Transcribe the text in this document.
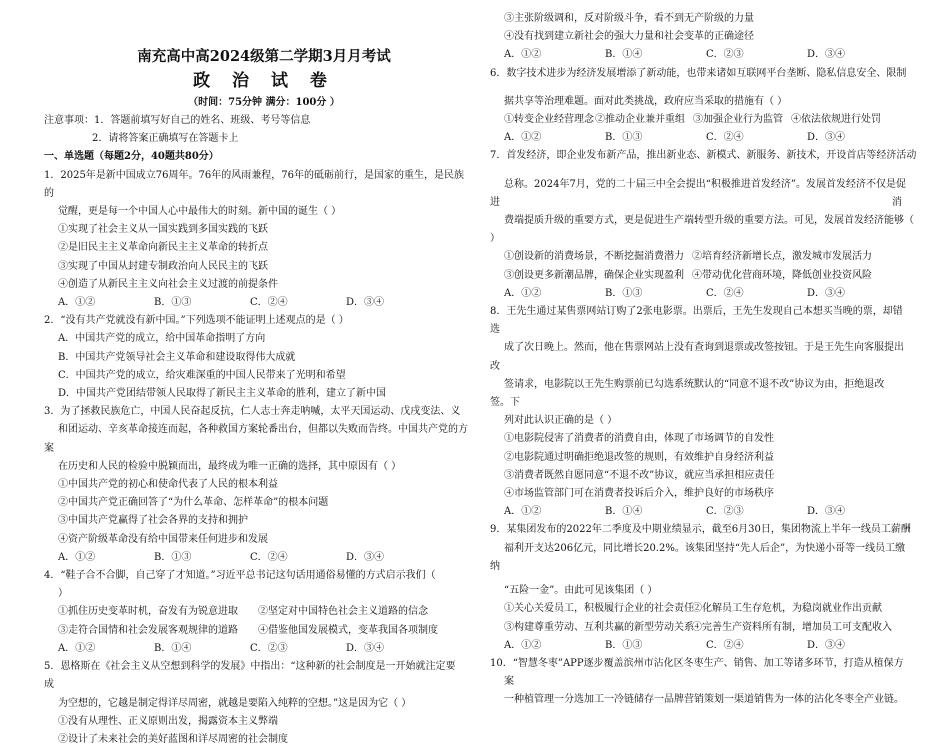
南充高中高2024级第二学期3月月考试
政 治 试 卷
（时间：75分钟 满分：100分 ）
注意事项：1．答题前填写好自己的姓名、班级、考号等信息
2．请将答案正确填写在答题卡上
一、单选题（每题2分，40题共80分）
1．2025年是新中国成立76周年。76年的风雨兼程，76年的砥砺前行，是国家的重生，是民族
的
觉醒，更是每一个中国人心中最伟大的时刻。新中国的诞生（ ）
①实现了社会主义从一国实践到多国实践的飞跃
②是旧民主主义革命向新民主主义革命的转折点
③实现了中国从封建专制政治向人民民主的飞跃
④创造了从新民主主义向社会主义过渡的前提条件
A．①②	B．①③	C．②④	D．③④
2．“没有共产党就没有新中国。”下列选项不能证明上述观点的是（ ）
A．中国共产党的成立，给中国革命指明了方向
B．中国共产党领导社会主义革命和建设取得伟大成就
C．中国共产党的成立，给灾难深重的中国人民带来了光明和希望
D．中国共产党团结带领人民取得了新民主主义革命的胜利，建立了新中国
3．为了拯救民族危亡，中国人民奋起反抗，仁人志士奔走呐喊，太平天国运动、戊戌变法、义
和团运动、辛亥革命接连而起，各种救国方案轮番出台，但都以失败而告终。中国共产党的方
案
在历史和人民的检验中脱颖而出，最终成为唯一正确的选择，其中原因有（ ）
①中国共产党的初心和使命代表了人民的根本利益
②中国共产党正确回答了“为什么革命、怎样革命”的根本问题
③中国共产党赢得了社会各界的支持和拥护
④资产阶级革命没有给中国带来任何进步和发展
A．①②	B．①③	C．②④	D．③④
4．“鞋子合不合脚，自己穿了才知道。”习近平总书记这句话用通俗易懂的方式启示我们（
）
①抓住历史变革时机，奋发有为锐意进取	②坚定对中国特色社会主义道路的信念
③走符合国情和社会发展客观规律的道路	④借鉴他国发展模式，变革我国各项制度
A．①②	B．①④	C．②③	D．③④
5．恩格斯在《社会主义从空想到科学的发展》中指出：“这种新的社会制度是一开始就注定要
成
为空想的，它越是制定得详尽周密，就越是要陷入纯粹的空想。”这是因为它（ ）
①没有从理性、正义原则出发，揭露资本主义弊端
②设计了未来社会的美好蓝图和详尽周密的社会制度
③主张阶级调和，反对阶级斗争，看不到无产阶级的力量
④没有找到建立新社会的强大力量和社会变革的正确途径
A．①②	B．①④	C．②③	D．③④
6．数字技术进步为经济发展增添了新动能，也带来诸如互联网平台垄断、隐私信息安全、限制
据共享等治理难题。面对此类挑战，政府应当采取的措施有（ ）
①转变企业经营理念 ②推动企业兼并重组 ③加强企业行为监管 ④依法依规进行处罚
A．①②	B．①③	C．②④	D．③④
7．首发经济，即企业发布新产品，推出新业态、新模式、新服务、新技术，开设首店等经济活动
总称。2024年7月，党的二十届三中全会提出“积极推进首发经济”。发展首发经济不仅是促
进	消
费端提质升级的重要方式，更是促进生产端转型升级的重要方法。可见，发展首发经济能够（
）
①创设新的消费场景，不断挖掘消费潜力 ②培育经济新增长点，激发城市发展活力
③创设更多新潮品牌，确保企业实现盈利 ④带动优化营商环境，降低创业投资风险
A．①②	B．①③	C．②④	D．③④
8．王先生通过某售票网站订购了2张电影票。出票后，王先生发现自己本想买当晚的票，却错
选
成了次日晚上。然而，他在售票网站上没有查询到退票或改签按钮。于是王先生向客服提出
改
签请求，电影院以王先生购票前已勾选系统默认的“同意不退不改”协议为由，拒绝退改
签。下
列对此认识正确的是（ ）
①电影院侵害了消费者的消费自由，体现了市场调节的自发性
②电影院通过明确拒绝退改签的规则，有效维护自身经济利益
③消费者既然自愿同意“不退不改”协议，就应当承担相应责任
④市场监管部门可在消费者投诉后介入，维护良好的市场秩序
A．①②	B．①④	C．②③	D．③④
9．某集团发布的2022年二季度及中期业绩显示，截至6月30日，集团物流上半年一线员工薪酬
福利开支达206亿元，同比增长20.2%。该集团坚持“先人后企”，为快递小哥等一线员工缴
纳
“五险一金”。由此可见该集团（ ）
①关心关爱员工，积极履行企业的社会责任
②化解员工生存危机，为稳岗就业作出贡献
③构建尊重劳动、互利共赢的新型劳动关系
④完善生产资料所有制，增加员工可支配收入
A．①②	B．①③	C．②④	D．③④
10．“智慧冬枣”APP逐步覆盖滨州市沾化区冬枣生产、销售、加工等诸多环节，打造从植保方
案
一种植管理一分选加工一冷链储存一品牌营销策划一渠道销售为一体的沾化冬枣全产业链。
